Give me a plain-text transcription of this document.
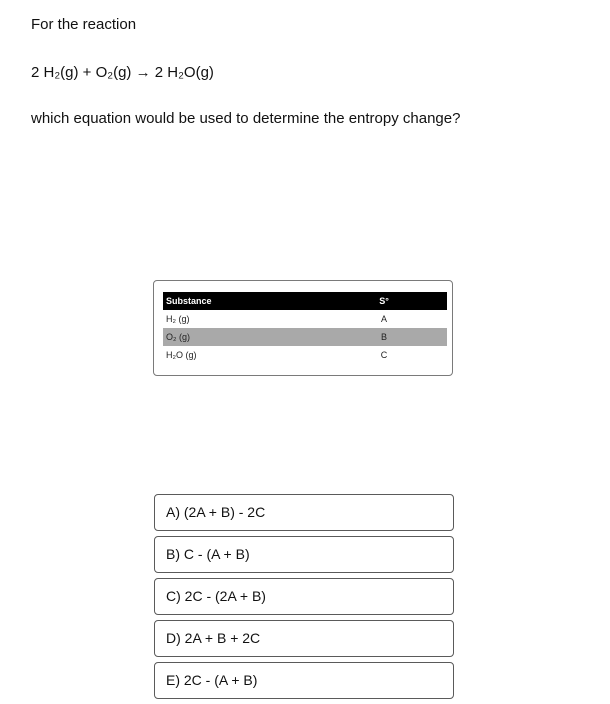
For the reaction
2 H₂(g) + O₂(g) → 2 H₂O(g)
which equation would be used to determine the entropy change?
Substance	S°
H₂ (g)	A
O₂ (g)	B
H₂O (g)	C
A) (2A + B) - 2C
B) C - (A + B)
C) 2C - (2A + B)
D) 2A + B + 2C
E) 2C - (A + B)
